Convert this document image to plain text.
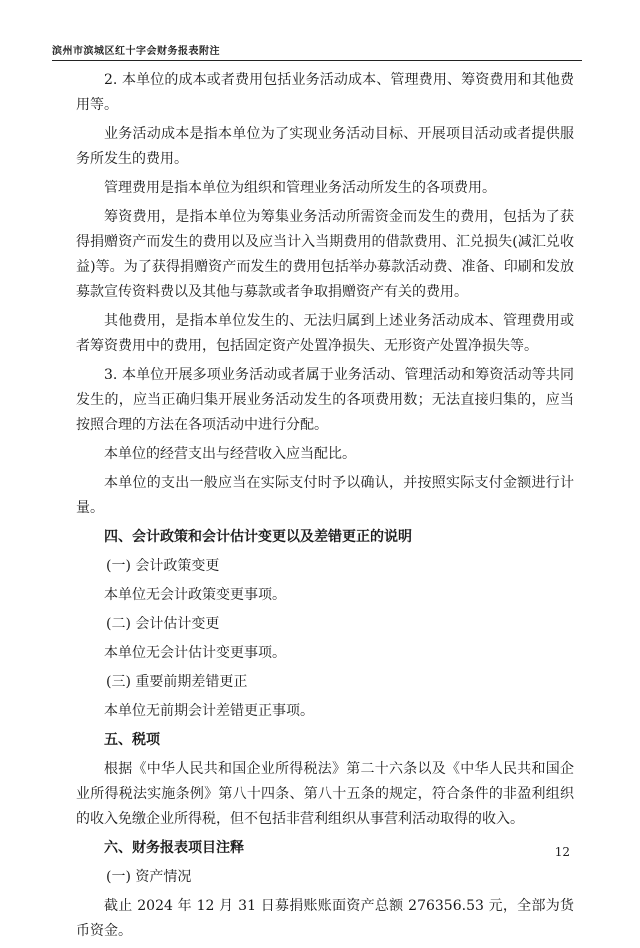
滨州市滨城区红十字会财务报表附注

2. 本单位的成本或者费用包括业务活动成本、管理费用、筹资费用和其他费用等。

业务活动成本是指本单位为了实现业务活动目标、开展项目活动或者提供服务所发生的费用。

管理费用是指本单位为组织和管理业务活动所发生的各项费用。

筹资费用，是指本单位为筹集业务活动所需资金而发生的费用，包括为了获得捐赠资产而发生的费用以及应当计入当期费用的借款费用、汇兑损失(减汇兑收益)等。为了获得捐赠资产而发生的费用包括举办募款活动费、准备、印刷和发放募款宣传资料费以及其他与募款或者争取捐赠资产有关的费用。

其他费用，是指本单位发生的、无法归属到上述业务活动成本、管理费用或者筹资费用中的费用，包括固定资产处置净损失、无形资产处置净损失等。

3. 本单位开展多项业务活动或者属于业务活动、管理活动和筹资活动等共同发生的，应当正确归集开展业务活动发生的各项费用数；无法直接归集的，应当按照合理的方法在各项活动中进行分配。

本单位的经营支出与经营收入应当配比。

本单位的支出一般应当在实际支付时予以确认，并按照实际支付金额进行计量。

四、会计政策和会计估计变更以及差错更正的说明

(一) 会计政策变更

本单位无会计政策变更事项。

(二) 会计估计变更

本单位无会计估计变更事项。

(三) 重要前期差错更正

本单位无前期会计差错更正事项。

五、税项

根据《中华人民共和国企业所得税法》第二十六条以及《中华人民共和国企业所得税法实施条例》第八十四条、第八十五条的规定，符合条件的非盈利组织的收入免缴企业所得税，但不包括非营利组织从事营利活动取得的收入。

六、财务报表项目注释

(一) 资产情况

截止 2024 年 12 月 31 日募捐账账面资产总额 276356.53 元，全部为货币资金。

12
